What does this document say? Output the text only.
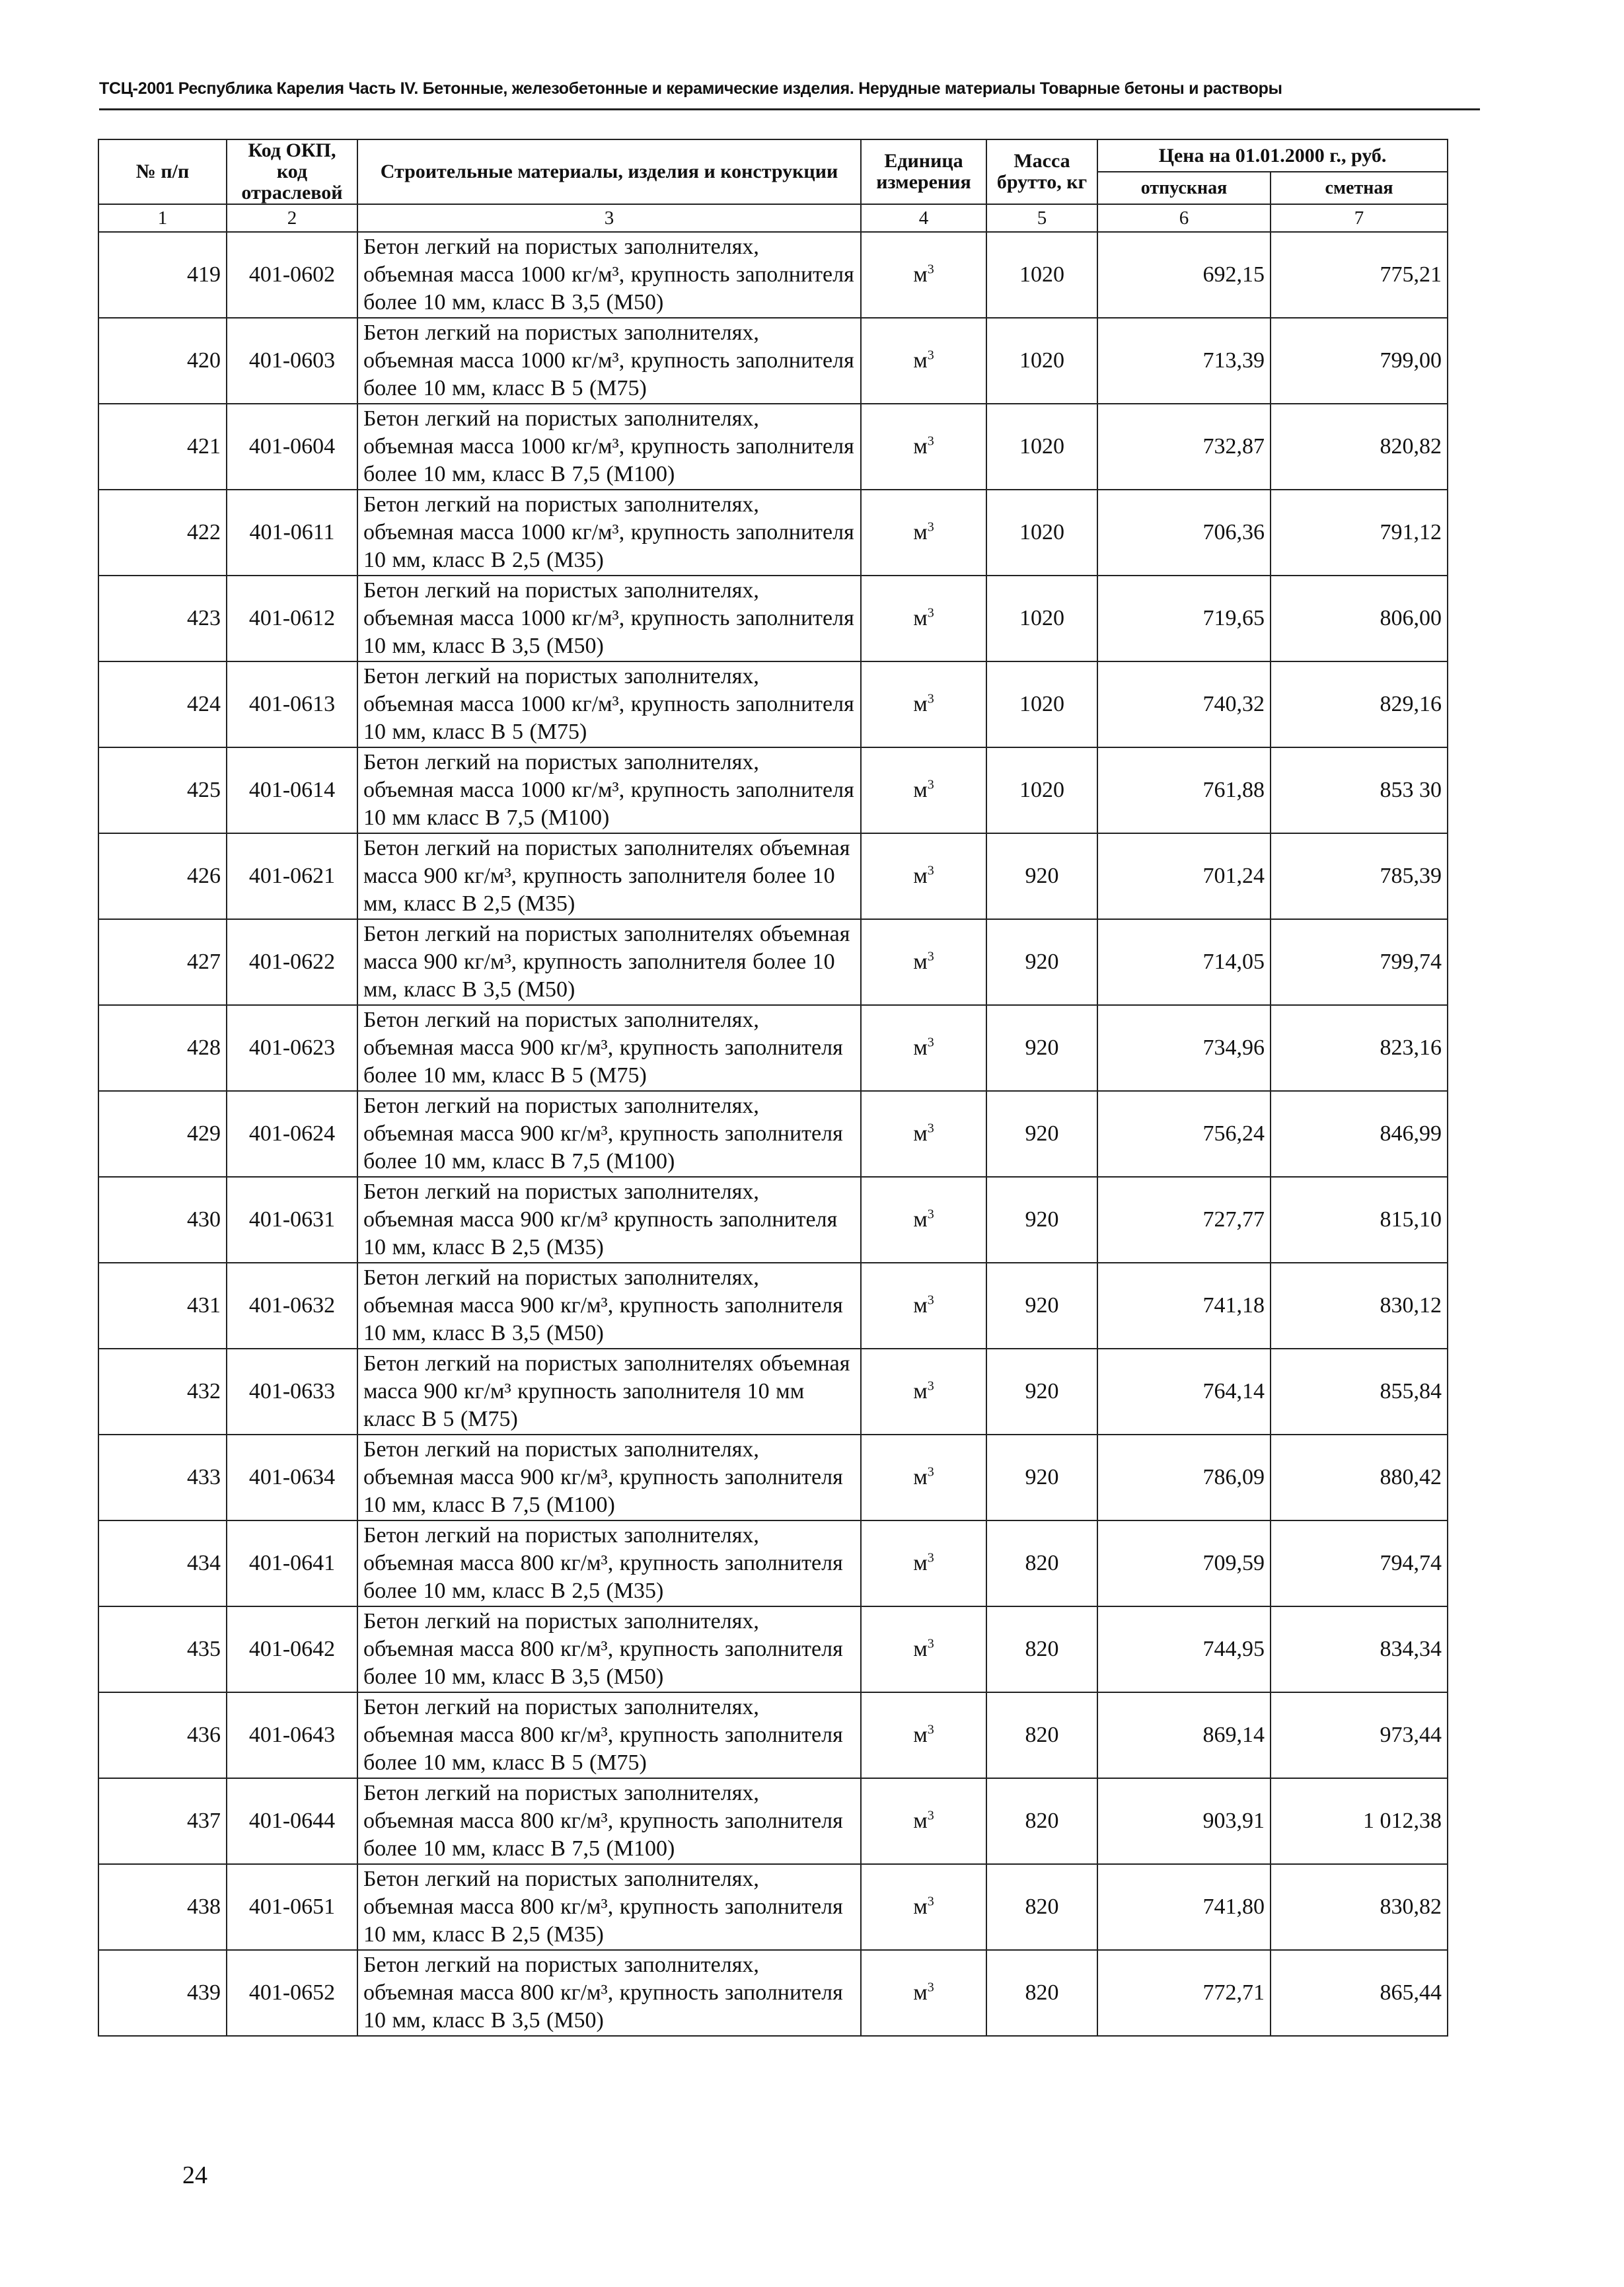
ТСЦ-2001 Республика Карелия Часть IV. Бетонные, железобетонные и керамические изделия. Нерудные материалы Товарные бетоны и растворы
№ п/п	Код ОКП, код отраслевой	Строительные материалы, изделия и конструкции	Единица измерения	Масса брутто, кг	Цена на 01.01.2000 г., руб.	
					отпускная	сметная
1	2	3	4	5	6	7
419	401-0602	Бетон легкий на пористых заполнителях, объемная масса 1000 кг/м³, крупность заполнителя более 10 мм, класс В 3,5 (М50)	$м^3$	1020	692,15	775,21
420	401-0603	Бетон легкий на пористых заполнителях, объемная масса 1000 кг/м³, крупность заполнителя более 10 мм, класс В 5 (М75)	$м^3$	1020	713,39	799,00
421	401-0604	Бетон легкий на пористых заполнителях, объемная масса 1000 кг/м³, крупность заполнителя более 10 мм, класс В 7,5 (М100)	$м^3$	1020	732,87	820,82
422	401-0611	Бетон легкий на пористых заполнителях, объемная масса 1000 кг/м³, крупность заполнителя 10 мм, класс В 2,5 (М35)	$м^3$	1020	706,36	791,12
423	401-0612	Бетон легкий на пористых заполнителях, объемная масса 1000 кг/м³, крупность заполнителя 10 мм, класс В 3,5 (М50)	$м^3$	1020	719,65	806,00
424	401-0613	Бетон легкий на пористых заполнителях, объемная масса 1000 кг/м³, крупность заполнителя 10 мм, класс В 5 (М75)	$м^3$	1020	740,32	829,16
425	401-0614	Бетон легкий на пористых заполнителях, объемная масса 1000 кг/м³, крупность заполнителя 10 мм класс В 7,5 (М100)	$м^3$	1020	761,88	853 30
426	401-0621	Бетон легкий на пористых заполнителях объемная масса 900 кг/м³, крупность заполнителя более 10 мм, класс В 2,5 (М35)	$м^3$	920	701,24	785,39
427	401-0622	Бетон легкий на пористых заполнителях объемная масса 900 кг/м³, крупность заполнителя более 10 мм, класс В 3,5 (М50)	$м^3$	920	714,05	799,74
428	401-0623	Бетон легкий на пористых заполнителях, объемная масса 900 кг/м³, крупность заполнителя более 10 мм, класс В 5 (М75)	$м^3$	920	734,96	823,16
429	401-0624	Бетон легкий на пористых заполнителях, объемная масса 900 кг/м³, крупность заполнителя более 10 мм, класс В 7,5 (М100)	$м^3$	920	756,24	846,99
430	401-0631	Бетон легкий на пористых заполнителях, объемная масса 900 кг/м³ крупность заполнителя 10 мм, класс В 2,5 (М35)	$м^3$	920	727,77	815,10
431	401-0632	Бетон легкий на пористых заполнителях, объемная масса 900 кг/м³, крупность заполнителя 10 мм, класс В 3,5 (М50)	$м^3$	920	741,18	830,12
432	401-0633	Бетон легкий на пористых заполнителях объемная масса 900 кг/м³ крупность заполнителя 10 мм класс В 5 (М75)	$м^3$	920	764,14	855,84
433	401-0634	Бетон легкий на пористых заполнителях, объемная масса 900 кг/м³, крупность заполнителя 10 мм, класс В 7,5 (М100)	$м^3$	920	786,09	880,42
434	401-0641	Бетон легкий на пористых заполнителях, объемная масса 800 кг/м³, крупность заполнителя более 10 мм, класс В 2,5 (М35)	$м^3$	820	709,59	794,74
435	401-0642	Бетон легкий на пористых заполнителях, объемная масса 800 кг/м³, крупность заполнителя более 10 мм, класс В 3,5 (М50)	$м^3$	820	744,95	834,34
436	401-0643	Бетон легкий на пористых заполнителях, объемная масса 800 кг/м³, крупность заполнителя более 10 мм, класс В 5 (М75)	$м^3$	820	869,14	973,44
437	401-0644	Бетон легкий на пористых заполнителях, объемная масса 800 кг/м³, крупность заполнителя более 10 мм, класс В 7,5 (М100)	$м^3$	820	903,91	1 012,38
438	401-0651	Бетон легкий на пористых заполнителях, объемная масса 800 кг/м³, крупность заполнителя 10 мм, класс В 2,5 (М35)	$м^3$	820	741,80	830,82
439	401-0652	Бетон легкий на пористых заполнителях, объемная масса 800 кг/м³, крупность заполнителя 10 мм, класс В 3,5 (М50)	$м^3$	820	772,71	865,44
24
